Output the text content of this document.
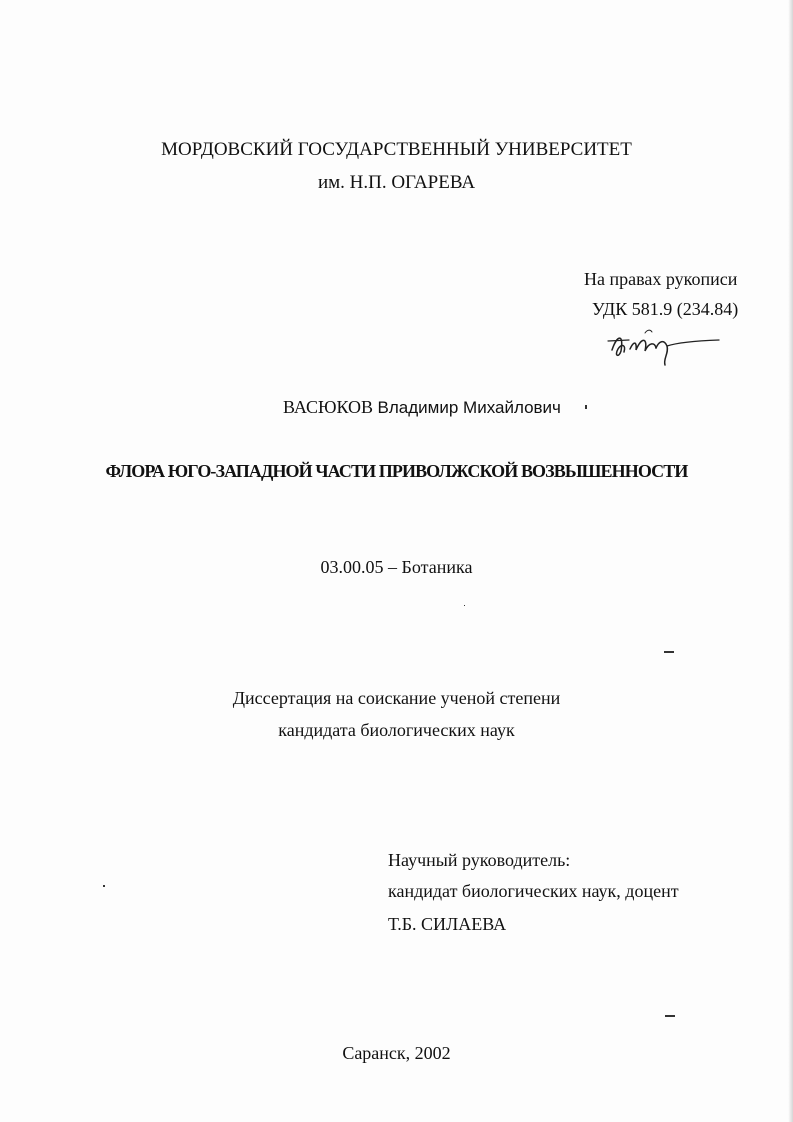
МОРДОВСКИЙ ГОСУДАРСТВЕННЫЙ УНИВЕРСИТЕТ
им. Н.П. ОГАРЕВА
На правах рукописи
УДК 581.9 (234.84)
ВАСЮКОВ Владимир Михайлович
ФЛОРА ЮГО-ЗАПАДНОЙ ЧАСТИ ПРИВОЛЖСКОЙ ВОЗВЫШЕННОСТИ
03.00.05 – Ботаника
Диссертация на соискание ученой степени
кандидата биологических наук
Научный руководитель:
кандидат биологических наук, доцент
Т.Б. СИЛАЕВА
Саранск, 2002
